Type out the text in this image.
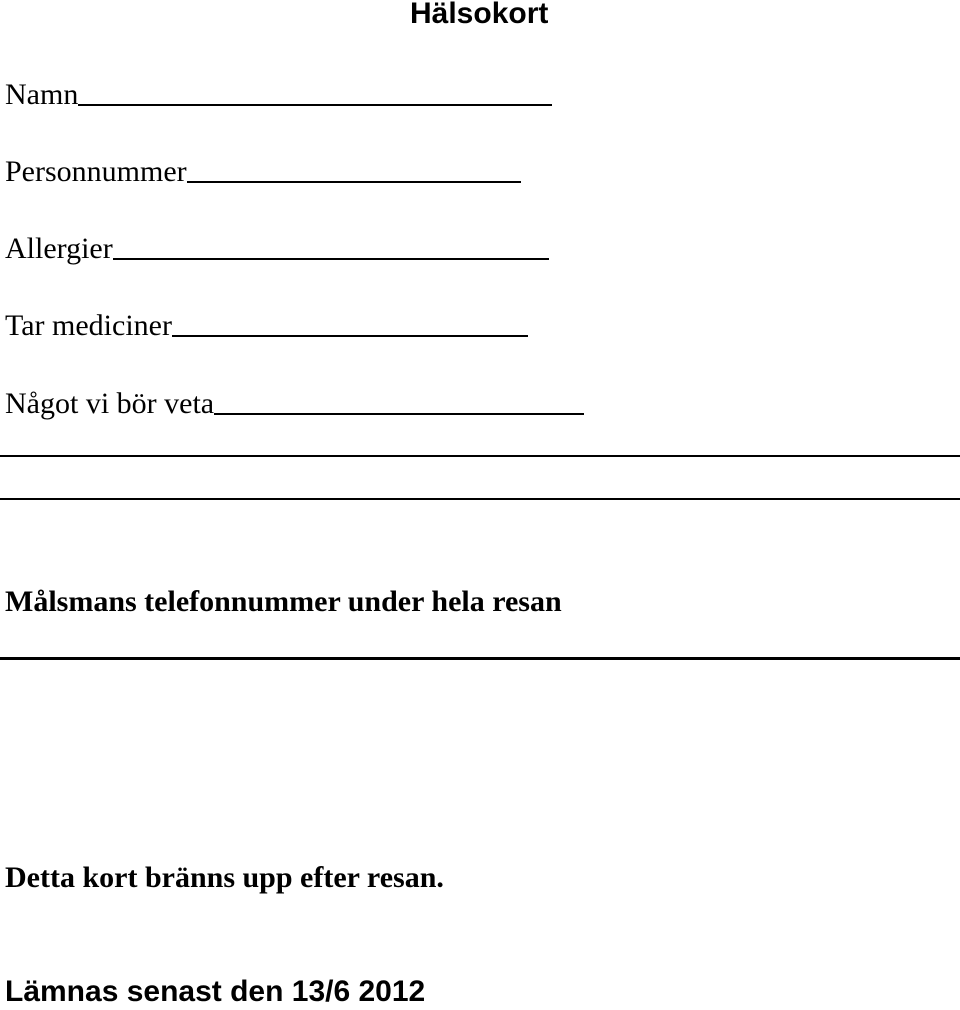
Hälsokort
Namn
Personnummer
Allergier
Tar mediciner
Något vi bör veta
Målsmans telefonnummer under hela resan
Detta kort bränns upp efter resan.
Lämnas senast den 13/6 2012
